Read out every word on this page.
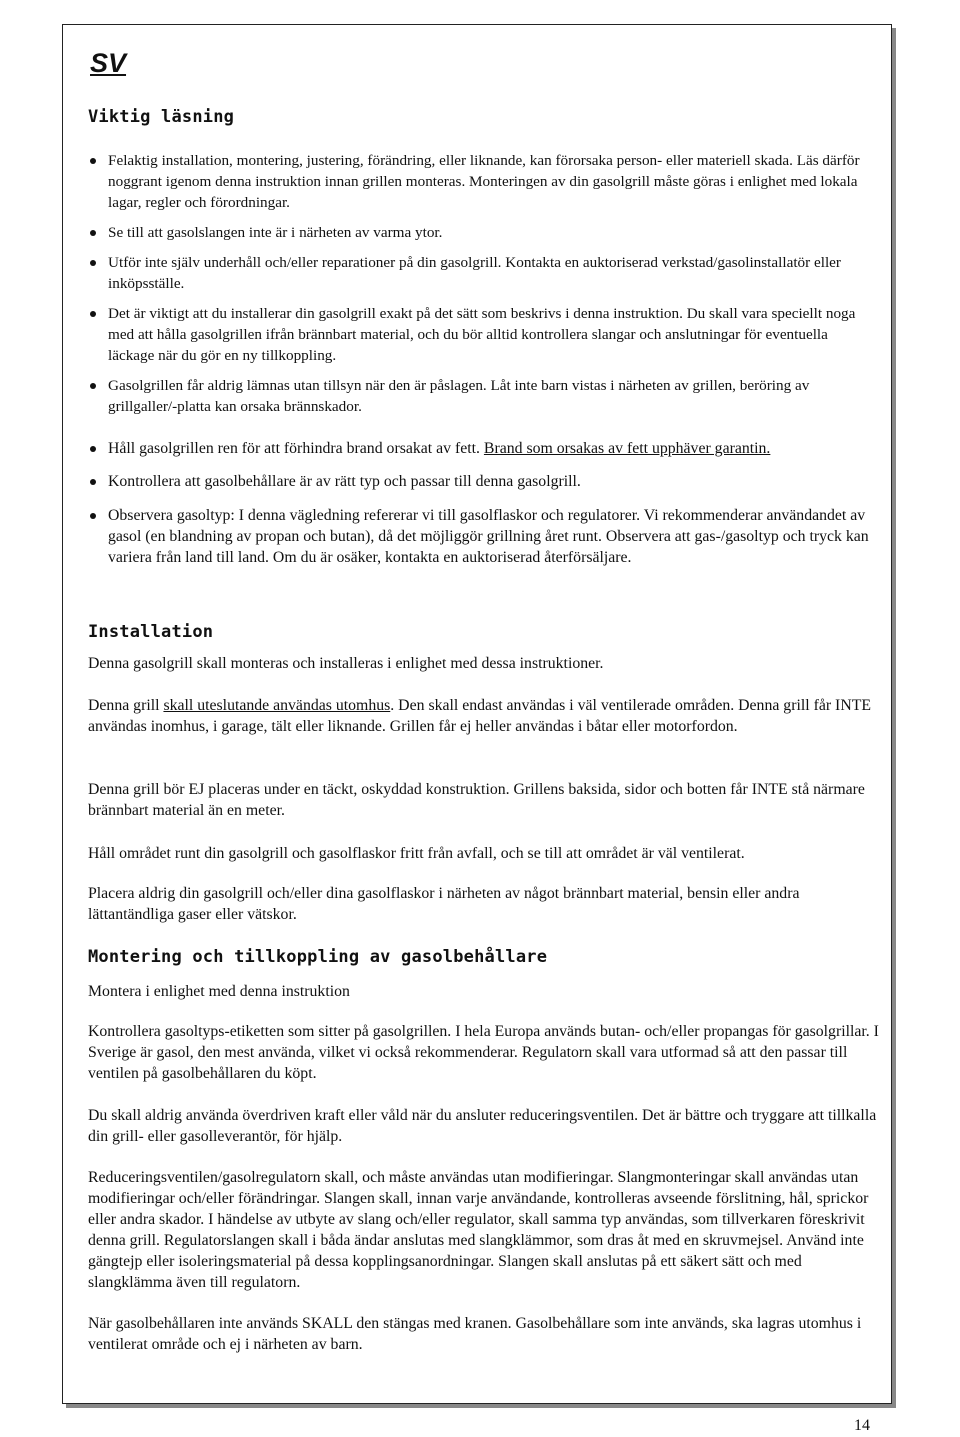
SV
Viktig läsning
Felaktig installation, montering, justering, förändring, eller liknande, kan förorsaka person- eller materiell skada. Läs därför noggrant igenom denna instruktion innan grillen monteras. Monteringen av din gasolgrill måste göras i enlighet med lokala lagar, regler och förordningar.
Se till att gasolslangen inte är i närheten av varma ytor.
Utför inte själv underhåll och/eller reparationer på din gasolgrill. Kontakta en auktoriserad verkstad/gasolinstallatör eller inköpsställe.
Det är viktigt att du installerar din gasolgrill exakt på det sätt som beskrivs i denna instruktion. Du skall vara speciellt noga med att hålla gasolgrillen ifrån brännbart material, och du bör alltid kontrollera slangar och anslutningar för eventuella läckage när du gör en ny tillkoppling.
Gasolgrillen får aldrig lämnas utan tillsyn när den är påslagen. Låt inte barn vistas i närheten av grillen, beröring av grillgaller/-platta kan orsaka brännskador.
Håll gasolgrillen ren för att förhindra brand orsakat av fett. Brand som orsakas av fett upphäver garantin.
Kontrollera att gasolbehållare är av rätt typ och passar till denna gasolgrill.
Observera gasoltyp: I denna vägledning refererar vi till gasolflaskor och regulatorer. Vi rekommenderar användandet av gasol (en blandning av propan och butan), då det möjliggör grillning året runt. Observera att gas-/gasoltyp och tryck kan variera från land till land. Om du är osäker, kontakta en auktoriserad återförsäljare.
Installation

Denna gasolgrill skall monteras och installeras i enlighet med dessa instruktioner.

Denna grill skall uteslutande användas utomhus. Den skall endast användas i väl ventilerade områden. Denna grill får INTE användas inomhus, i garage, tält eller liknande. Grillen får ej heller användas i båtar eller motorfordon.

Denna grill bör EJ placeras under en täckt, oskyddad konstruktion. Grillens baksida, sidor och botten får INTE stå närmare brännbart material än en meter.

Håll området runt din gasolgrill och gasolflaskor fritt från avfall, och se till att området är väl ventilerat.

Placera aldrig din gasolgrill och/eller dina gasolflaskor i närheten av något brännbart material, bensin eller andra lättantändliga gaser eller vätskor.

Montering och tillkoppling av gasolbehållare

Montera i enlighet med denna instruktion

Kontrollera gasoltyps-etiketten som sitter på gasolgrillen. I hela Europa används butan- och/eller propangas för gasolgrillar. I Sverige är gasol, den mest använda, vilket vi också rekommenderar. Regulatorn skall vara utformad så att den passar till ventilen på gasolbehållaren du köpt.

Du skall aldrig använda överdriven kraft eller våld när du ansluter reduceringsventilen. Det är bättre och tryggare att tillkalla din grill- eller gasolleverantör, för hjälp.

Reduceringsventilen/gasolregulatorn skall, och måste användas utan modifieringar. Slangmonteringar skall användas utan modifieringar och/eller förändringar. Slangen skall, innan varje användande, kontrolleras avseende förslitning, hål, sprickor eller andra skador. I händelse av utbyte av slang och/eller regulator, skall samma typ användas, som tillverkaren föreskrivit denna grill. Regulatorslangen skall i båda ändar anslutas med slangklämmor, som dras åt med en skruvmejsel. Använd inte gängtejp eller isoleringsmaterial på dessa kopplingsanordningar. Slangen skall anslutas på ett säkert sätt och med slangklämma även till regulatorn.

När gasolbehållaren inte används SKALL den stängas med kranen. Gasolbehållare som inte används, ska lagras utomhus i ventilerat område och ej i närheten av barn.

14
